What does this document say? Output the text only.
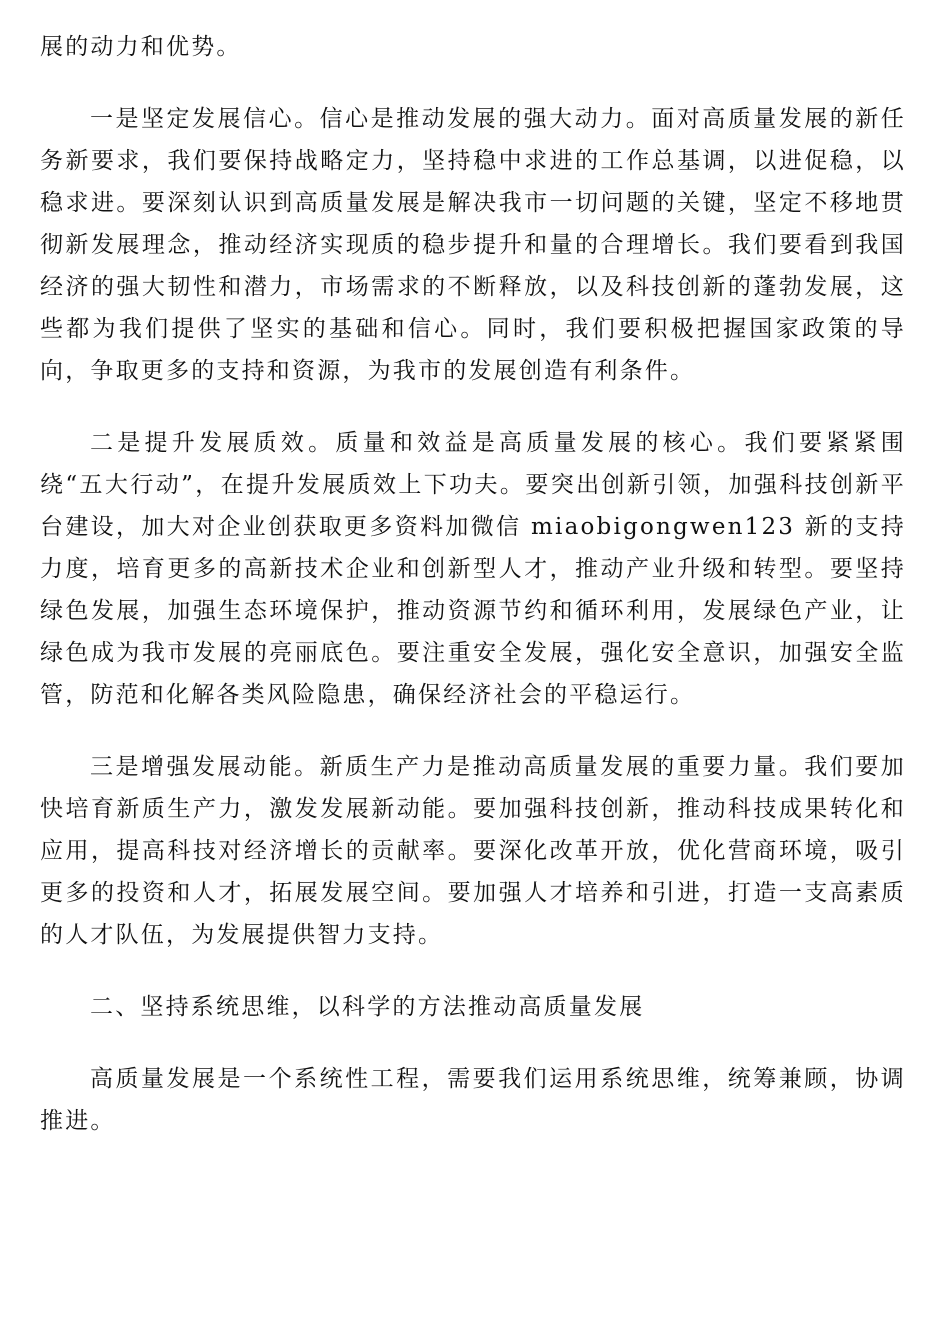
展的动力和优势。

一是坚定发展信心。信心是推动发展的强大动力。面对高质量发展的新任务新要求，我们要保持战略定力，坚持稳中求进的工作总基调，以进促稳，以稳求进。要深刻认识到高质量发展是解决我市一切问题的关键，坚定不移地贯彻新发展理念，推动经济实现质的稳步提升和量的合理增长。我们要看到我国经济的强大韧性和潜力，市场需求的不断释放，以及科技创新的蓬勃发展，这些都为我们提供了坚实的基础和信心。同时，我们要积极把握国家政策的导向，争取更多的支持和资源，为我市的发展创造有利条件。

二是提升发展质效。质量和效益是高质量发展的核心。我们要紧紧围绕“五大行动”，在提升发展质效上下功夫。要突出创新引领，加强科技创新平台建设，加大对企业创获取更多资料加微信 miaobigongwen123 新的支持力度，培育更多的高新技术企业和创新型人才，推动产业升级和转型。要坚持绿色发展，加强生态环境保护，推动资源节约和循环利用，发展绿色产业，让绿色成为我市发展的亮丽底色。要注重安全发展，强化安全意识，加强安全监管，防范和化解各类风险隐患，确保经济社会的平稳运行。

三是增强发展动能。新质生产力是推动高质量发展的重要力量。我们要加快培育新质生产力，激发发展新动能。要加强科技创新，推动科技成果转化和应用，提高科技对经济增长的贡献率。要深化改革开放，优化营商环境，吸引更多的投资和人才，拓展发展空间。要加强人才培养和引进，打造一支高素质的人才队伍，为发展提供智力支持。

二、坚持系统思维，以科学的方法推动高质量发展

高质量发展是一个系统性工程，需要我们运用系统思维，统筹兼顾，协调推进。
